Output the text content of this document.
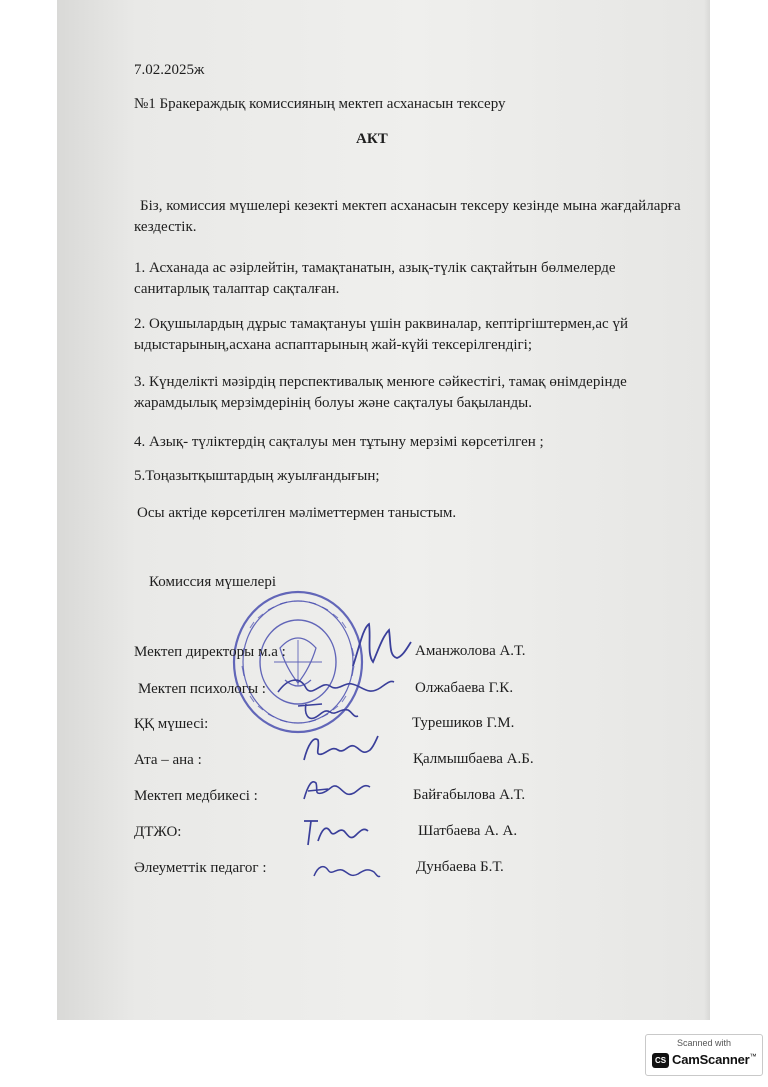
7.02.2025ж
№1 Бракераждық комиссияның мектеп асханасын тексеру
АКТ
Біз, комиссия мүшелері кезекті мектеп асханасын тексеру кезінде мына жағдайларға кездестік.
1. Асханада ас әзірлейтін, тамақтанатын, азық-түлік сақтайтын бөлмелерде санитарлық талаптар сақталған.
2. Оқушылардың дұрыс тамақтануы үшін раквиналар, кептіргіштермен,ас үй ыдыстарының,асхана аспаптарының жай-күйі тексерілгендігі;
3. Күнделікті мәзірдің перспективалық менюге сәйкестігі, тамақ өнімдерінде жарамдылық мерзімдерінің болуы және сақталуы бақыланды.
4. Азық- түліктердің сақталуы мен тұтыну мерзімі көрсетілген ;
5.Тоңазытқыштардың жуылғандығын;
Осы актіде көрсетілген мәліметтермен таныстым.
Комиссия мүшелері
Мектеп директоры м.а :	Аманжолова А.Т.
Мектеп психологы :	Олжабаева Г.К.
ҚҚ мүшесі:	Турешиков Г.М.
Ата – ана :	Қалмышбаева А.Б.
Мектеп медбикесі :	Байғабылова А.Т.
ДТЖО:	Шатбаева А. А.
Әлеуметтік педагог :	Дунбаева Б.Т.
Scanned with
CS CamScanner™
